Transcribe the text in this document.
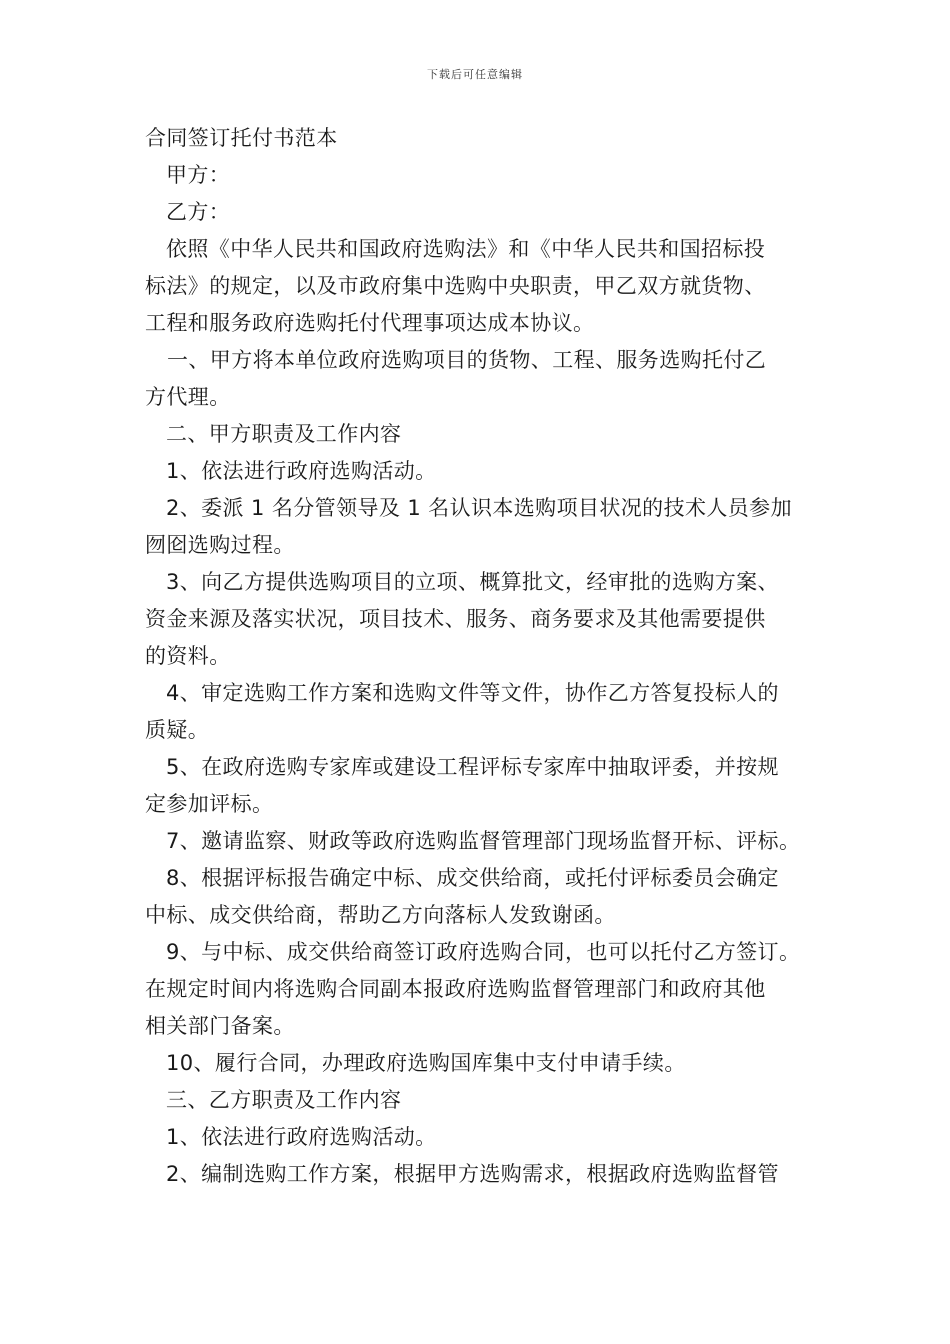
下载后可任意编辑
合同签订托付书范本
甲方：
乙方：
依照《中华人民共和国政府选购法》和《中华人民共和国招标投
标法》的规定，以及市政府集中选购中央职责，甲乙双方就货物、
工程和服务政府选购托付代理事项达成本协议。
一、甲方将本单位政府选购项目的货物、工程、服务选购托付乙
方代理。
二、甲方职责及工作内容
1、依法进行政府选购活动。
2、委派 1 名分管领导及 1 名认识本选购项目状况的技术人员参加
囫囵选购过程。
3、向乙方提供选购项目的立项、概算批文，经审批的选购方案、
资金来源及落实状况，项目技术、服务、商务要求及其他需要提供
的资料。
4、审定选购工作方案和选购文件等文件，协作乙方答复投标人的
质疑。
5、在政府选购专家库或建设工程评标专家库中抽取评委，并按规
定参加评标。
7、邀请监察、财政等政府选购监督管理部门现场监督开标、评标。
8、根据评标报告确定中标、成交供给商，或托付评标委员会确定
中标、成交供给商，帮助乙方向落标人发致谢函。
9、与中标、成交供给商签订政府选购合同，也可以托付乙方签订。
在规定时间内将选购合同副本报政府选购监督管理部门和政府其他
相关部门备案。
10、履行合同，办理政府选购国库集中支付申请手续。
三、乙方职责及工作内容
1、依法进行政府选购活动。
2、编制选购工作方案，根据甲方选购需求，根据政府选购监督管
